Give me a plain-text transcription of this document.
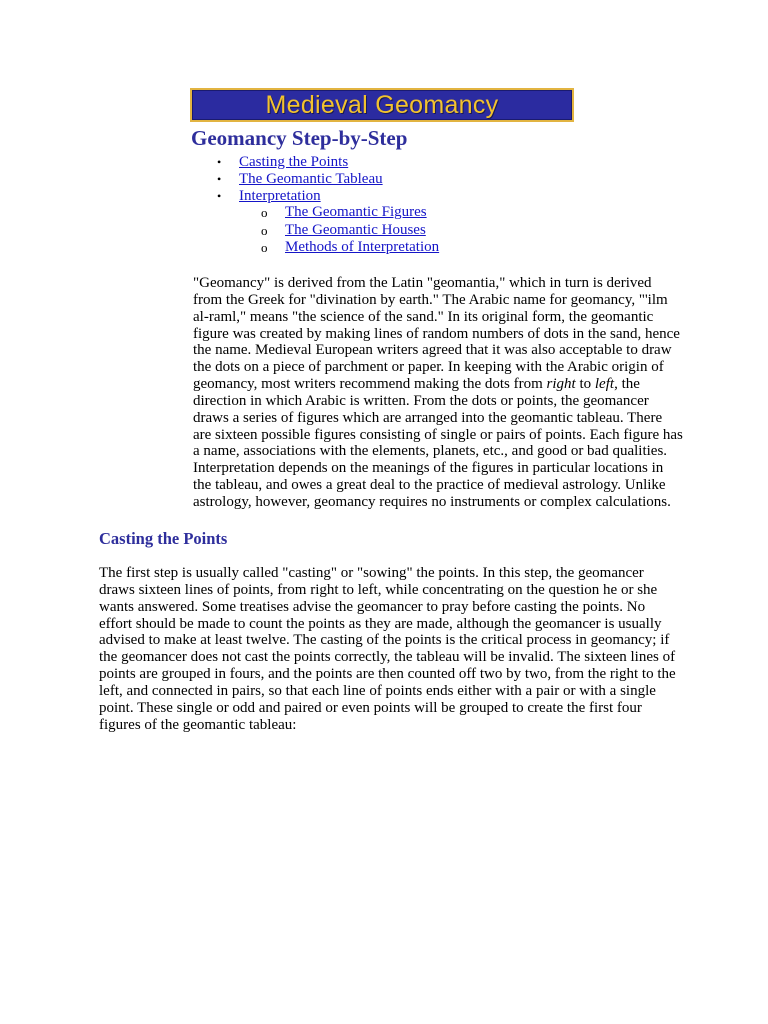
Medieval Geomancy
Geomancy Step-by-Step
• Casting the Points
• The Geomantic Tableau
• Interpretation
o The Geomantic Figures
o The Geomantic Houses
o Methods of Interpretation

"Geomancy" is derived from the Latin "geomantia," which in turn is derived from the Greek for "divination by earth." The Arabic name for geomancy, "'ilm al-raml," means "the science of the sand." In its original form, the geomantic figure was created by making lines of random numbers of dots in the sand, hence the name. Medieval European writers agreed that it was also acceptable to draw the dots on a piece of parchment or paper. In keeping with the Arabic origin of geomancy, most writers recommend making the dots from right to left, the direction in which Arabic is written. From the dots or points, the geomancer draws a series of figures which are arranged into the geomantic tableau. There are sixteen possible figures consisting of single or pairs of points. Each figure has a name, associations with the elements, planets, etc., and good or bad qualities. Interpretation depends on the meanings of the figures in particular locations in the tableau, and owes a great deal to the practice of medieval astrology. Unlike astrology, however, geomancy requires no instruments or complex calculations.

Casting the Points

The first step is usually called "casting" or "sowing" the points. In this step, the geomancer draws sixteen lines of points, from right to left, while concentrating on the question he or she wants answered. Some treatises advise the geomancer to pray before casting the points. No effort should be made to count the points as they are made, although the geomancer is usually advised to make at least twelve. The casting of the points is the critical process in geomancy; if the geomancer does not cast the points correctly, the tableau will be invalid. The sixteen lines of points are grouped in fours, and the points are then counted off two by two, from the right to the left, and connected in pairs, so that each line of points ends either with a pair or with a single point. These single or odd and paired or even points will be grouped to create the first four figures of the geomantic tableau:
